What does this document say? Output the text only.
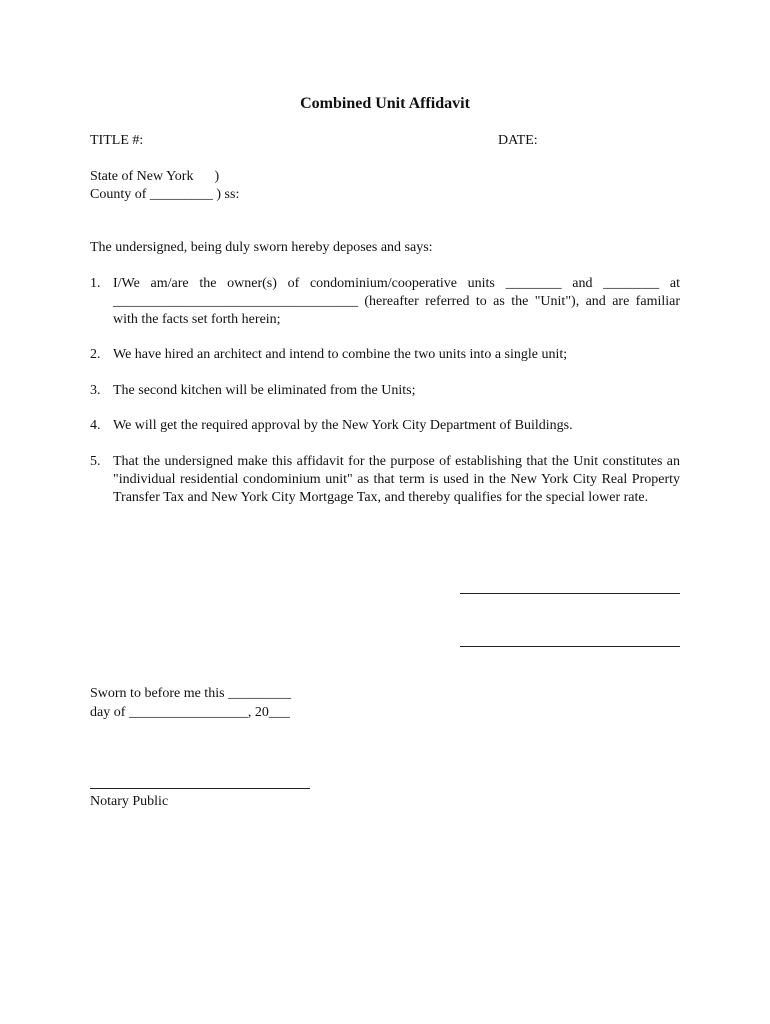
Combined Unit Affidavit
TITLE #:	DATE:
State of New York      )
County of _________ ) ss:
The undersigned, being duly sworn hereby deposes and says:
1. I/We am/are the owner(s) of condominium/cooperative units ________ and ________ at ___________________________________ (hereafter referred to as the "Unit"), and are familiar with the facts set forth herein;
2. We have hired an architect and intend to combine the two units into a single unit;
3. The second kitchen will be eliminated from the Units;
4. We will get the required approval by the New York City Department of Buildings.
5. That the undersigned make this affidavit for the purpose of establishing that the Unit constitutes an "individual residential condominium unit" as that term is used in the New York City Real Property Transfer Tax and New York City Mortgage Tax, and thereby qualifies for the special lower rate.
Sworn to before me this _________
day of _________________, 20___
Notary Public
